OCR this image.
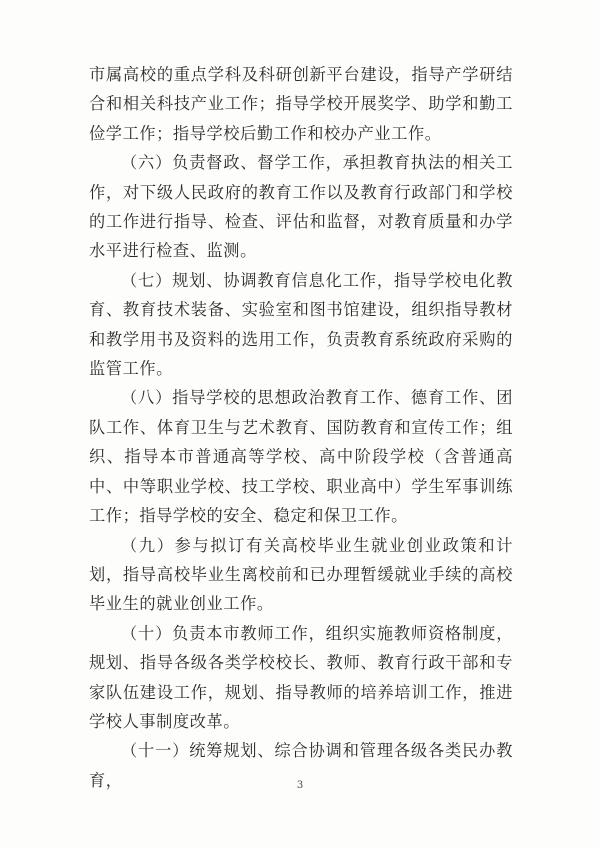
市属高校的重点学科及科研创新平台建设，指导产学研结合和相关科技产业工作；指导学校开展奖学、助学和勤工俭学工作；指导学校后勤工作和校办产业工作。

（六）负责督政、督学工作，承担教育执法的相关工作，对下级人民政府的教育工作以及教育行政部门和学校的工作进行指导、检查、评估和监督，对教育质量和办学水平进行检查、监测。

（七）规划、协调教育信息化工作，指导学校电化教育、教育技术装备、实验室和图书馆建设，组织指导教材和教学用书及资料的选用工作，负责教育系统政府采购的监管工作。

（八）指导学校的思想政治教育工作、德育工作、团队工作、体育卫生与艺术教育、国防教育和宣传工作；组织、指导本市普通高等学校、高中阶段学校（含普通高中、中等职业学校、技工学校、职业高中）学生军事训练工作；指导学校的安全、稳定和保卫工作。

（九）参与拟订有关高校毕业生就业创业政策和计划，指导高校毕业生离校前和已办理暂缓就业手续的高校毕业生的就业创业工作。

（十）负责本市教师工作，组织实施教师资格制度，规划、指导各级各类学校校长、教师、教育行政干部和专家队伍建设工作，规划、指导教师的培养培训工作，推进学校人事制度改革。

（十一）统筹规划、综合协调和管理各级各类民办教育，	3
